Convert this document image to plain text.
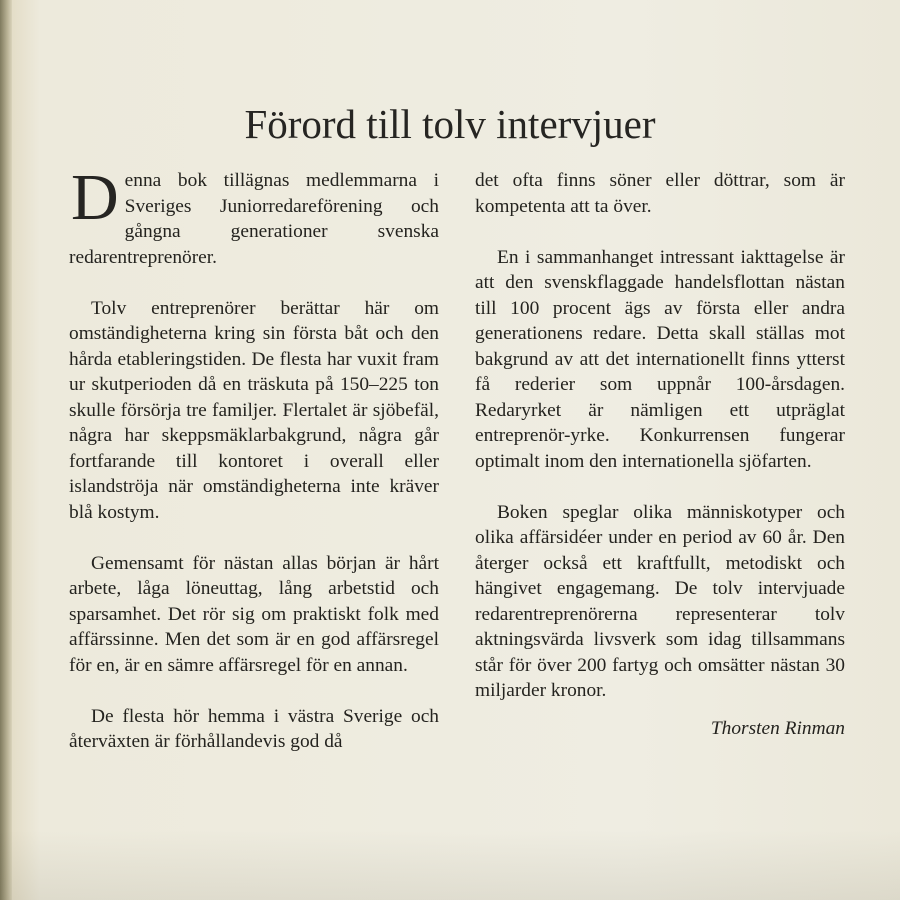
Förord till tolv intervjuer

Denna bok tillägnas medlemmarna i Sveriges Juniorredareförening och gångna generationer svenska redarentreprenörer.

Tolv entreprenörer berättar här om omständigheterna kring sin första båt och den hårda etableringstiden. De flesta har vuxit fram ur skutperioden då en träskuta på 150–225 ton skulle försörja tre familjer. Flertalet är sjöbefäl, några har skeppsmäklarbakgrund, några går fortfarande till kontoret i overall eller islandströja när omständigheterna inte kräver blå kostym.

Gemensamt för nästan allas början är hårt arbete, låga löneuttag, lång arbetstid och sparsamhet. Det rör sig om praktiskt folk med affärssinne. Men det som är en god affärsregel för en, är en sämre affärsregel för en annan.

De flesta hör hemma i västra Sverige och återväxten är förhållandevis god då

det ofta finns söner eller döttrar, som är kompetenta att ta över.

En i sammanhanget intressant iakttagelse är att den svenskflaggade handelsflottan nästan till 100 procent ägs av första eller andra generationens redare. Detta skall ställas mot bakgrund av att det internationellt finns ytterst få rederier som uppnår 100-årsdagen. Redaryrket är nämligen ett utpräglat entreprenör-yrke. Konkurrensen fungerar optimalt inom den internationella sjöfarten.

Boken speglar olika människotyper och olika affärsidéer under en period av 60 år. Den återger också ett kraftfullt, metodiskt och hängivet engagemang. De tolv intervjuade redarentreprenörerna representerar tolv aktningsvärda livsverk som idag tillsammans står för över 200 fartyg och omsätter nästan 30 miljarder kronor.

Thorsten Rinman
